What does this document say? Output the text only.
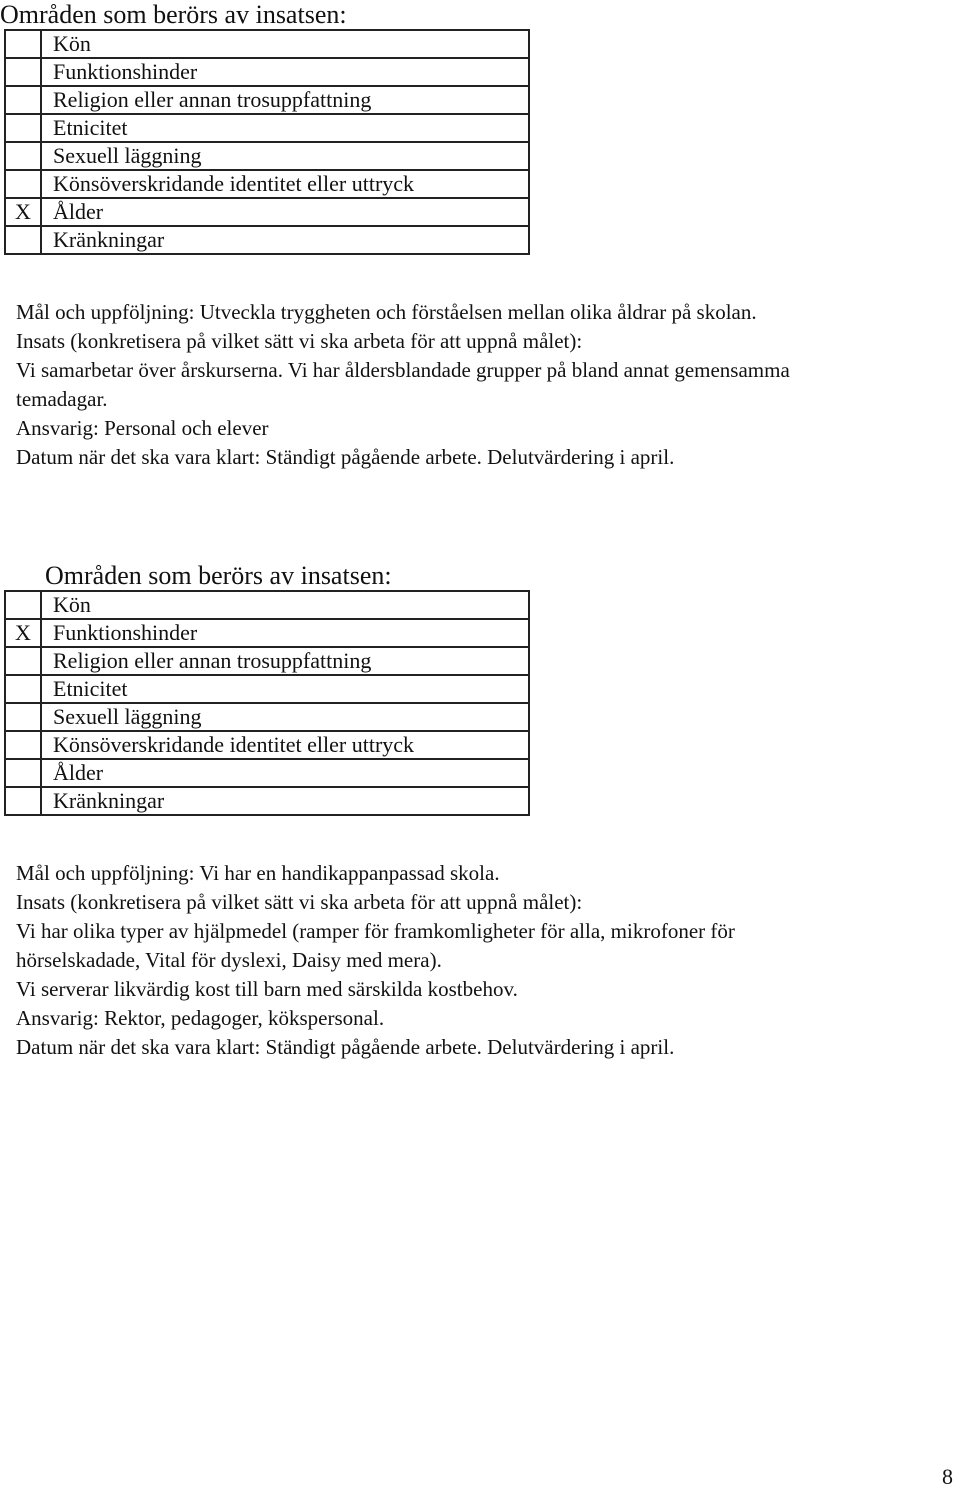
Områden som berörs av insatsen:
	Kön
	Funktionshinder
	Religion eller annan trosuppfattning
	Etnicitet
	Sexuell läggning
	Könsöverskridande identitet eller uttryck
X	Ålder
	Kränkningar
Mål och uppföljning: Utveckla tryggheten och förståelsen mellan olika åldrar på skolan.
Insats (konkretisera på vilket sätt vi ska arbeta för att uppnå målet):
Vi samarbetar över årskurserna. Vi har åldersblandade grupper på bland annat gemensamma
temadagar.
Ansvarig: Personal och elever
Datum när det ska vara klart: Ständigt pågående arbete. Delutvärdering i april.
Områden som berörs av insatsen:
	Kön
X	Funktionshinder
	Religion eller annan trosuppfattning
	Etnicitet
	Sexuell läggning
	Könsöverskridande identitet eller uttryck
	Ålder
	Kränkningar
Mål och uppföljning: Vi har en handikappanpassad skola.
Insats (konkretisera på vilket sätt vi ska arbeta för att uppnå målet):
Vi har olika typer av hjälpmedel (ramper för framkomligheter för alla, mikrofoner för
hörselskadade, Vital för dyslexi, Daisy med mera).
Vi serverar likvärdig kost till barn med särskilda kostbehov.
Ansvarig: Rektor, pedagoger, kökspersonal.
Datum när det ska vara klart: Ständigt pågående arbete. Delutvärdering i april.
8
